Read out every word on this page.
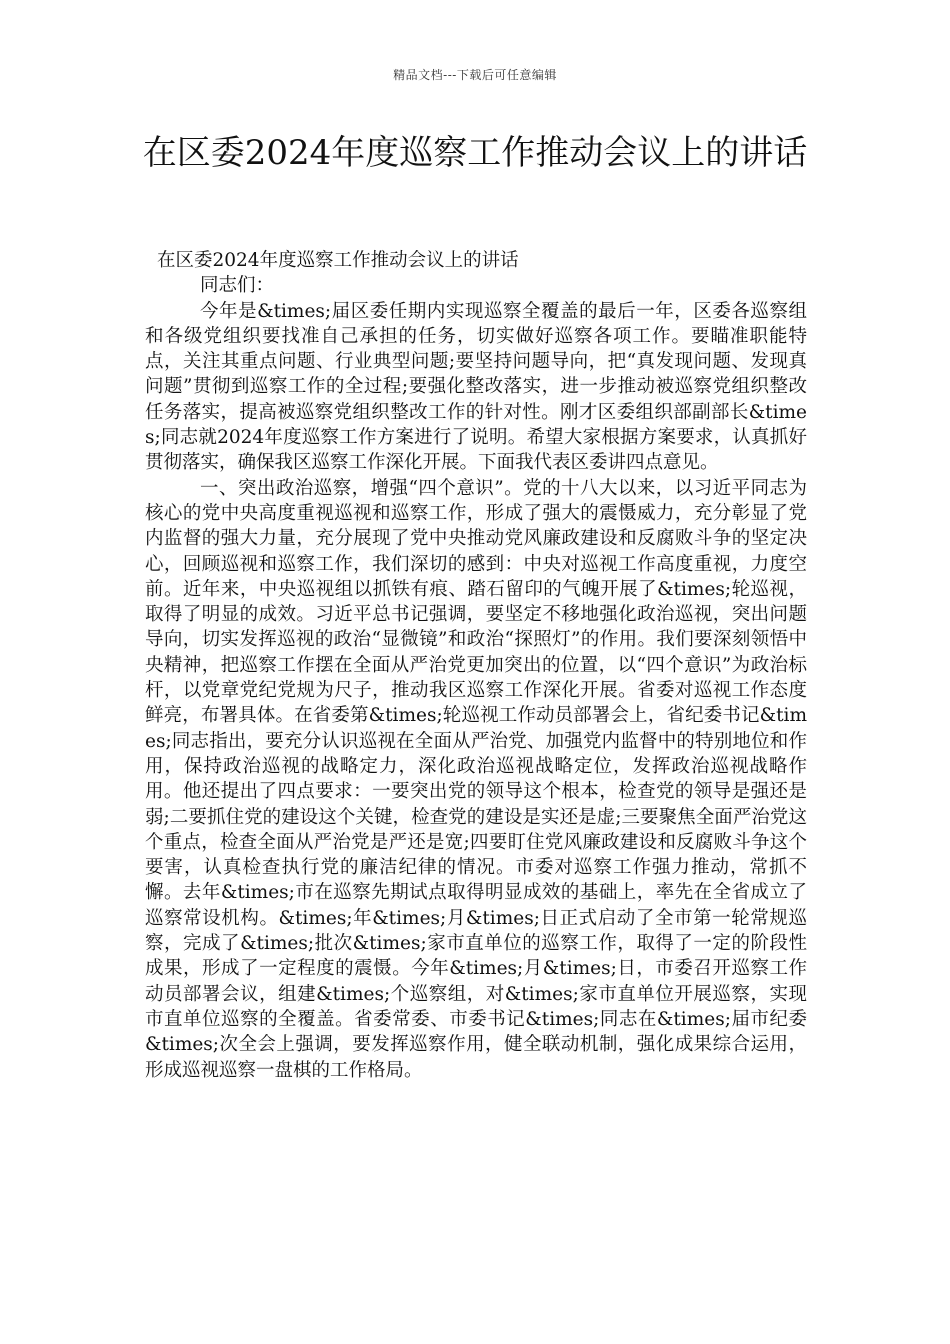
精品文档---下载后可任意编辑
在区委2024年度巡察工作推动会议上的讲话

在区委2024年度巡察工作推动会议上的讲话

同志们：

今年是&times;届区委任期内实现巡察全覆盖的最后一年，区委各巡察组和各级党组织要找准自己承担的任务，切实做好巡察各项工作。要瞄准职能特点，关注其重点问题、行业典型问题;要坚持问题导向，把“真发现问题、发现真问题”贯彻到巡察工作的全过程;要强化整改落实，进一步推动被巡察党组织整改任务落实，提高被巡察党组织整改工作的针对性。刚才区委组织部副部长&times;同志就2024年度巡察工作方案进行了说明。希望大家根据方案要求，认真抓好贯彻落实，确保我区巡察工作深化开展。下面我代表区委讲四点意见。

一、突出政治巡察，增强“四个意识”。党的十八大以来，以习近平同志为核心的党中央高度重视巡视和巡察工作，形成了强大的震慑威力，充分彰显了党内监督的强大力量，充分展现了党中央推动党风廉政建设和反腐败斗争的坚定决心，回顾巡视和巡察工作，我们深切的感到：中央对巡视工作高度重视，力度空前。近年来，中央巡视组以抓铁有痕、踏石留印的气魄开展了&times;轮巡视，取得了明显的成效。习近平总书记强调，要坚定不移地强化政治巡视，突出问题导向，切实发挥巡视的政治“显微镜”和政治“探照灯”的作用。我们要深刻领悟中央精神，把巡察工作摆在全面从严治党更加突出的位置，以“四个意识”为政治标杆，以党章党纪党规为尺子，推动我区巡察工作深化开展。省委对巡视工作态度鲜亮，布署具体。在省委第&times;轮巡视工作动员部署会上，省纪委书记&times;同志指出，要充分认识巡视在全面从严治党、加强党内监督中的特别地位和作用，保持政治巡视的战略定力，深化政治巡视战略定位，发挥政治巡视战略作用。他还提出了四点要求：一要突出党的领导这个根本，检查党的领导是强还是弱;二要抓住党的建设这个关键，检查党的建设是实还是虚;三要聚焦全面严治党这个重点，检查全面从严治党是严还是宽;四要盯住党风廉政建设和反腐败斗争这个要害，认真检查执行党的廉洁纪律的情况。市委对巡察工作强力推动，常抓不懈。去年&times;市在巡察先期试点取得明显成效的基础上，率先在全省成立了巡察常设机构。&times;年&times;月&times;日正式启动了全市第一轮常规巡察，完成了&times;批次&times;家市直单位的巡察工作，取得了一定的阶段性成果，形成了一定程度的震慑。今年&times;月&times;日，市委召开巡察工作动员部署会议，组建&times;个巡察组，对&times;家市直单位开展巡察，实现市直单位巡察的全覆盖。省委常委、市委书记&times;同志在&times;届市纪委&times;次全会上强调，要发挥巡察作用，健全联动机制，强化成果综合运用，形成巡视巡察一盘棋的工作格局。
